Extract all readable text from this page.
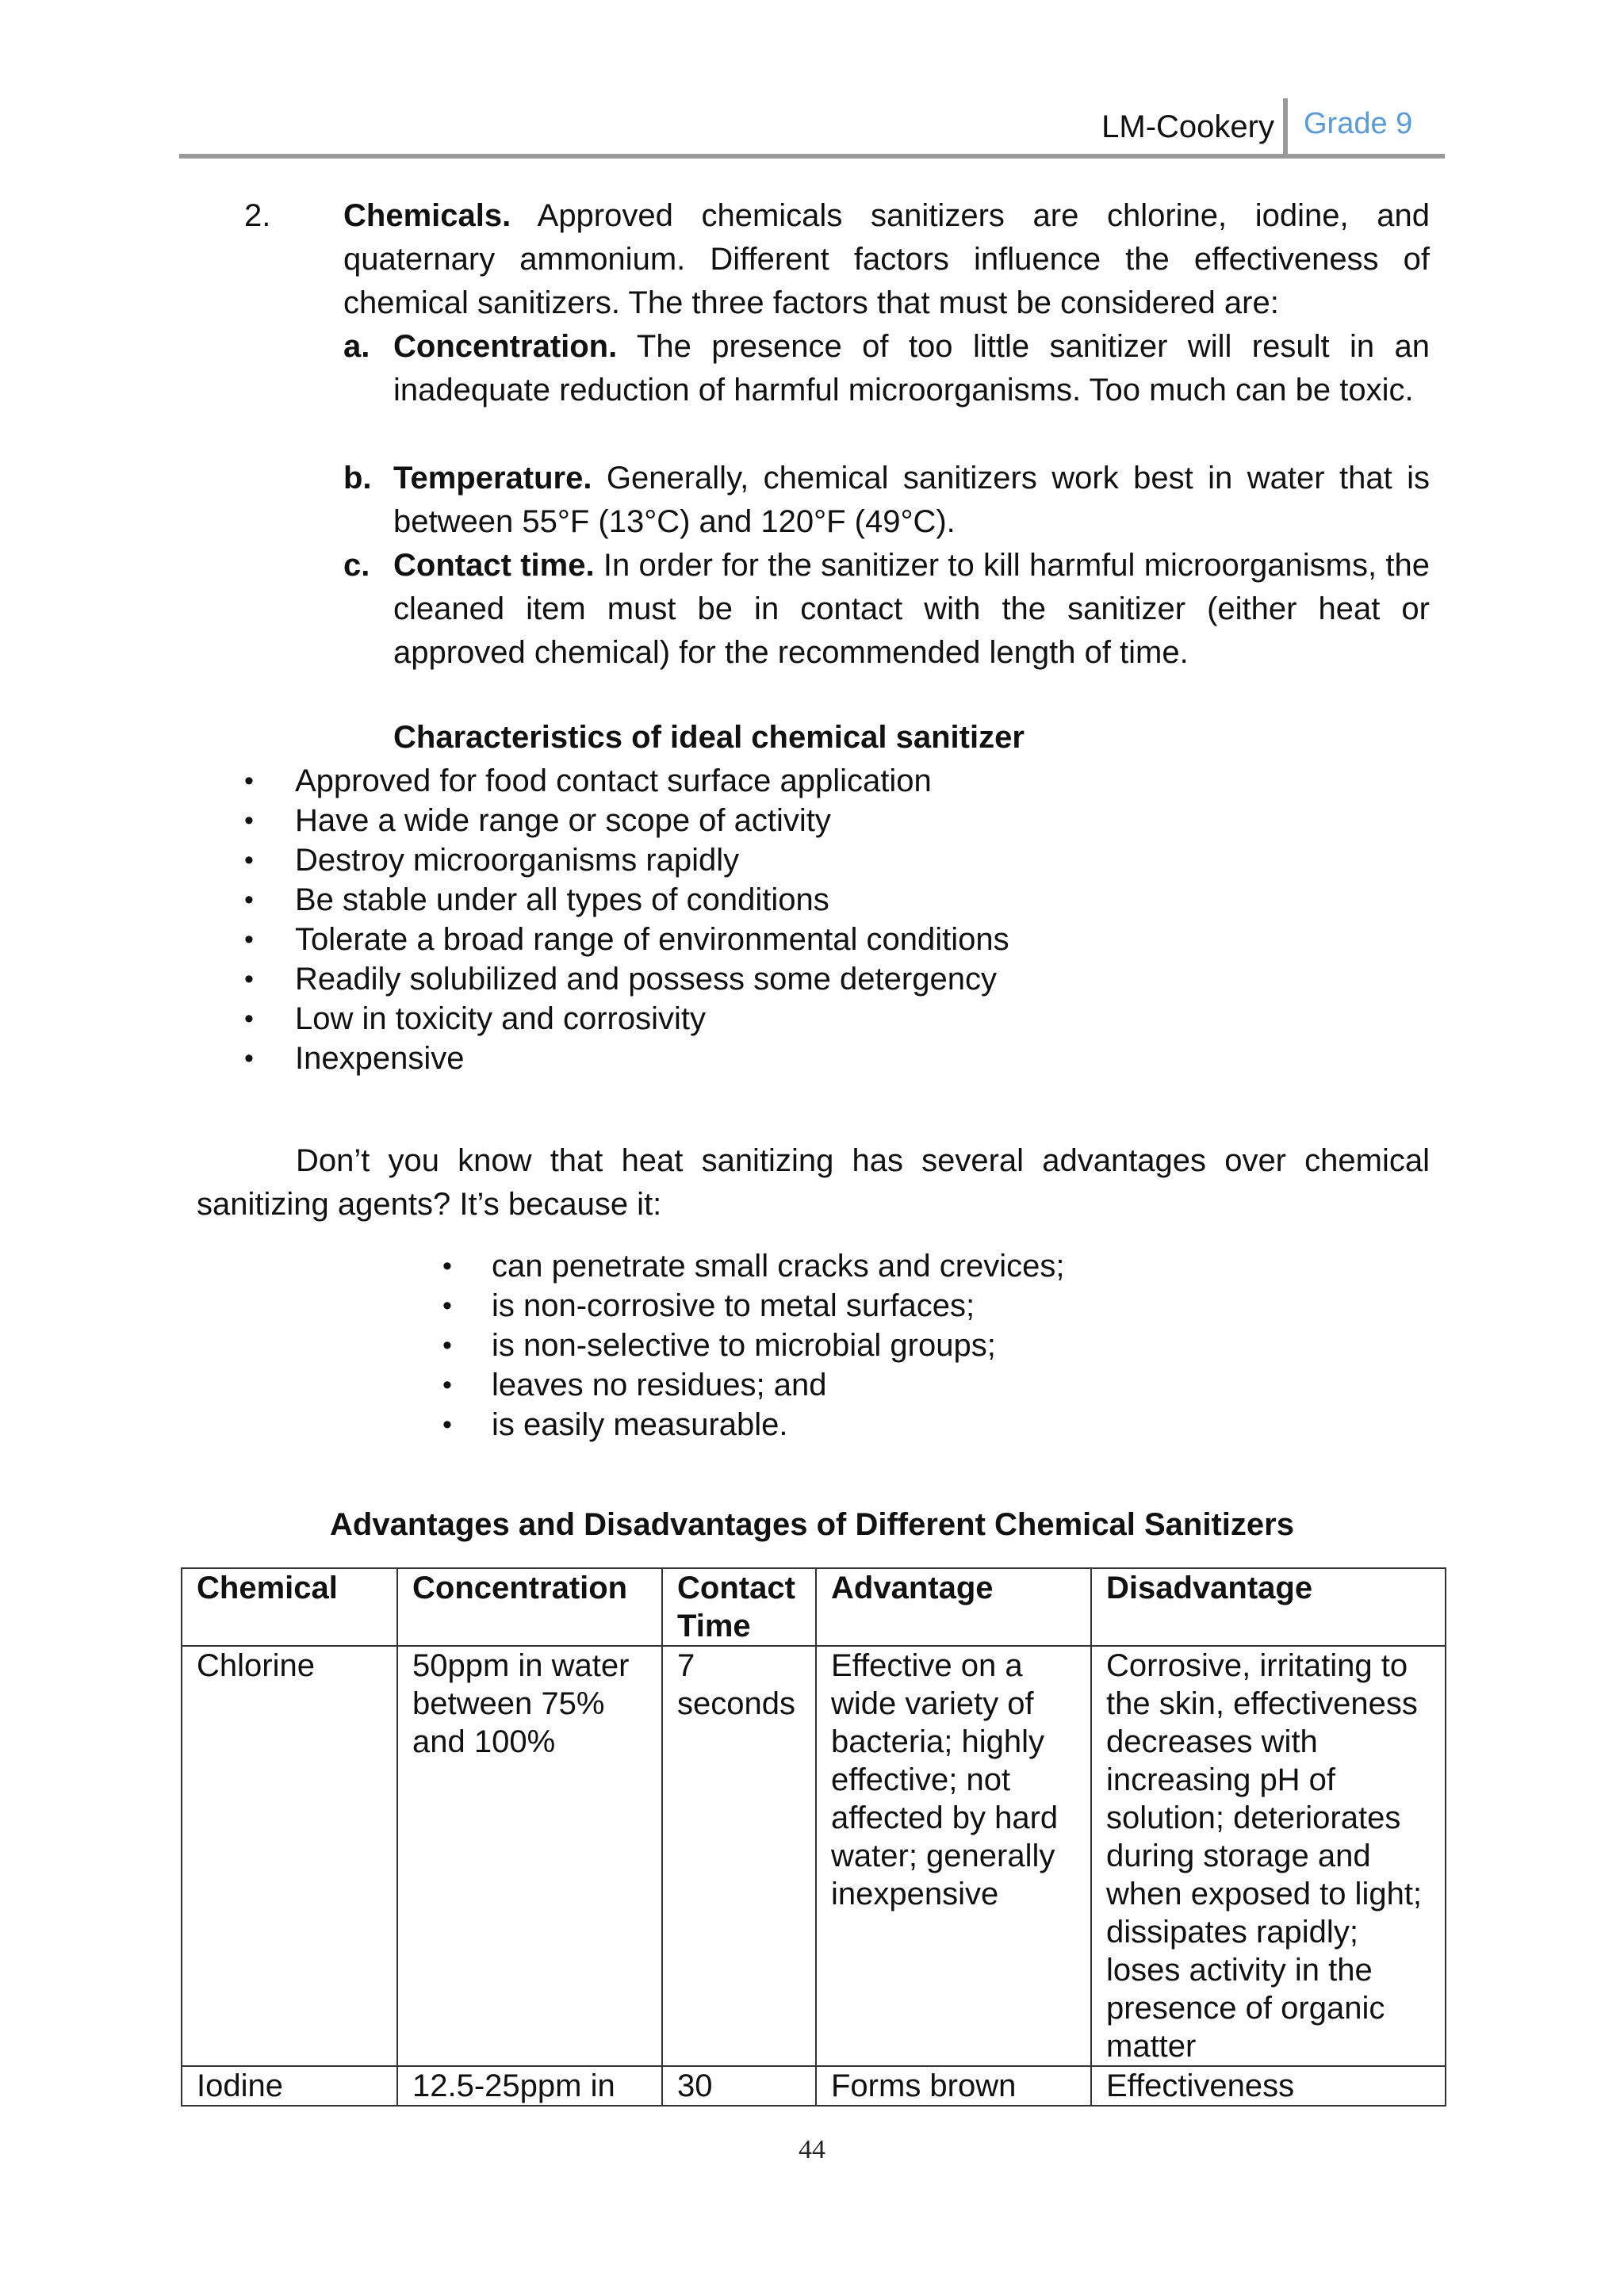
LM-Cookery Grade 9
2. Chemicals. Approved chemicals sanitizers are chlorine, iodine, and quaternary ammonium. Different factors influence the effectiveness of chemical sanitizers. The three factors that must be considered are:
a. Concentration. The presence of too little sanitizer will result in an inadequate reduction of harmful microorganisms. Too much can be toxic.
b. Temperature. Generally, chemical sanitizers work best in water that is between 55°F (13°C) and 120°F (49°C).
c. Contact time. In order for the sanitizer to kill harmful microorganisms, the cleaned item must be in contact with the sanitizer (either heat or approved chemical) for the recommended length of time.
Characteristics of ideal chemical sanitizer
• Approved for food contact surface application
• Have a wide range or scope of activity
• Destroy microorganisms rapidly
• Be stable under all types of conditions
• Tolerate a broad range of environmental conditions
• Readily solubilized and possess some detergency
• Low in toxicity and corrosivity
• Inexpensive
Don’t you know that heat sanitizing has several advantages over chemical sanitizing agents? It’s because it:
• can penetrate small cracks and crevices;
• is non-corrosive to metal surfaces;
• is non-selective to microbial groups;
• leaves no residues; and
• is easily measurable.
Advantages and Disadvantages of Different Chemical Sanitizers
Chemical	Concentration	Contact Time	Advantage	Disadvantage
Chlorine	50ppm in water between 75% and 100%	7 seconds	Effective on a wide variety of bacteria; highly effective; not affected by hard water; generally inexpensive	Corrosive, irritating to the skin, effectiveness decreases with increasing pH of solution; deteriorates during storage and when exposed to light; dissipates rapidly; loses activity in the presence of organic matter
Iodine	12.5-25ppm in	30	Forms brown	Effectiveness
44
